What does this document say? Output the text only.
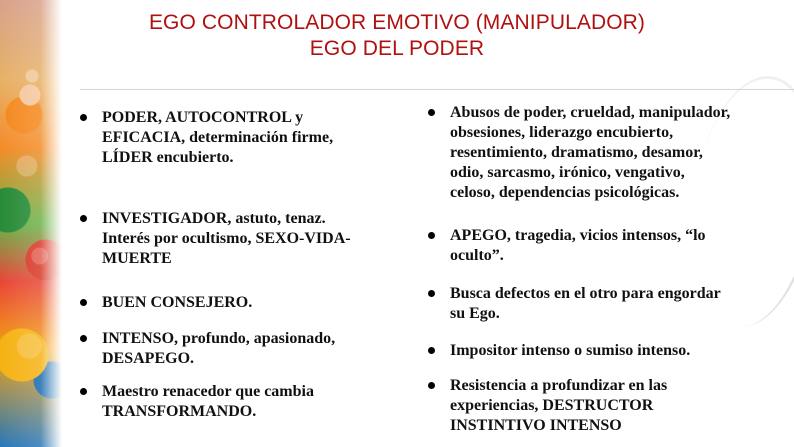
EGO CONTROLADOR EMOTIVO (MANIPULADOR)
EGO DEL PODER
PODER, AUTOCONTROL y
EFICACIA, determinación firme,
LÍDER encubierto.
INVESTIGADOR, astuto, tenaz.
Interés por ocultismo, SEXO-VIDA-
MUERTE
BUEN CONSEJERO.
INTENSO, profundo, apasionado,
DESAPEGO.
Maestro renacedor que cambia
TRANSFORMANDO.
Abusos de poder, crueldad, manipulador,
obsesiones, liderazgo encubierto,
resentimiento, dramatismo, desamor,
odio, sarcasmo, irónico, vengativo,
celoso, dependencias psicológicas.
APEGO, tragedia, vicios intensos, “lo
oculto”.
Busca defectos en el otro para engordar
su Ego.
Impositor intenso o sumiso intenso.
Resistencia a profundizar en las
experiencias, DESTRUCTOR
INSTINTIVO INTENSO
